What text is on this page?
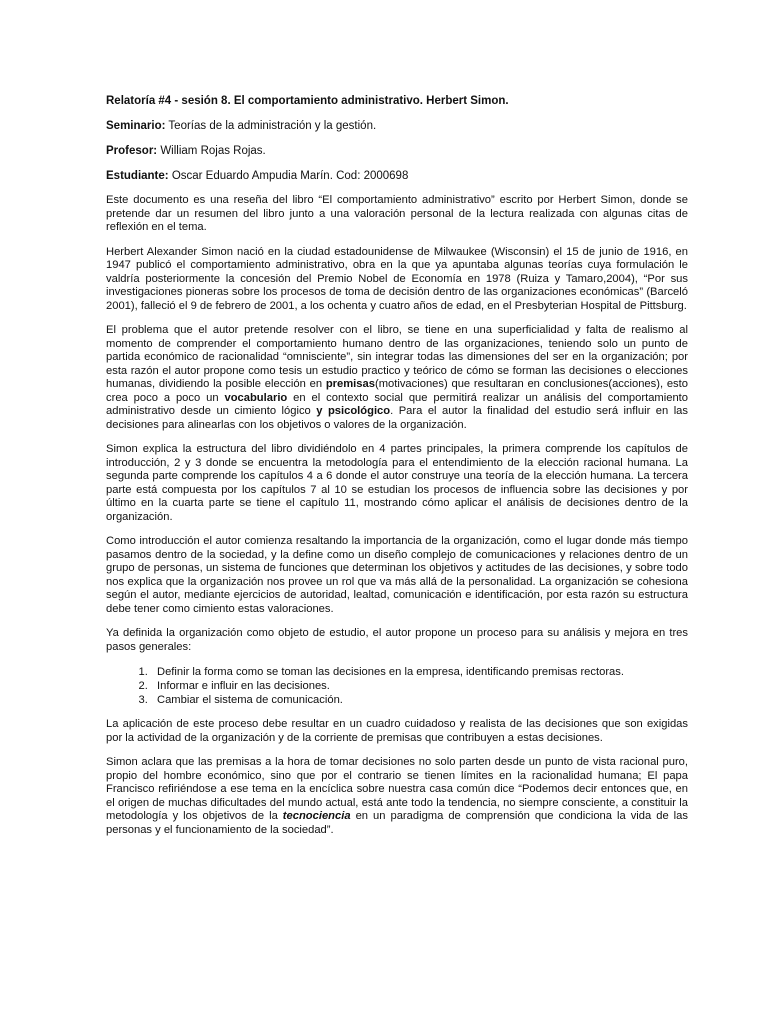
Relatoría #4 - sesión 8. El comportamiento administrativo. Herbert Simon.
Seminario: Teorías de la administración y la gestión.
Profesor: William Rojas Rojas.
Estudiante: Oscar Eduardo Ampudia Marín. Cod: 2000698

Este documento es una reseña del libro “El comportamiento administrativo” escrito por Herbert Simon, donde se pretende dar un resumen del libro junto a una valoración personal de la lectura realizada con algunas citas de reflexión en el tema.

Herbert Alexander Simon nació en la ciudad estadounidense de Milwaukee (Wisconsin) el 15 de junio de 1916, en 1947 publicó el comportamiento administrativo, obra en la que ya apuntaba algunas teorías cuya formulación le valdría posteriormente la concesión del Premio Nobel de Economía en 1978 (Ruiza y Tamaro,2004), “Por sus investigaciones pioneras sobre los procesos de toma de decisión dentro de las organizaciones económicas” (Barceló 2001), falleció el 9 de febrero de 2001, a los ochenta y cuatro años de edad, en el Presbyterian Hospital de Pittsburg.

El problema que el autor pretende resolver con el libro, se tiene en una superficialidad y falta de realismo al momento de comprender el comportamiento humano dentro de las organizaciones, teniendo solo un punto de partida económico de racionalidad “omnisciente”, sin integrar todas las dimensiones del ser en la organización; por esta razón el autor propone como tesis un estudio practico y teórico de cómo se forman las decisiones o elecciones humanas, dividiendo la posible elección en premisas(motivaciones) que resultaran en conclusiones(acciones), esto crea poco a poco un vocabulario en el contexto social que permitirá realizar un análisis del comportamiento administrativo desde un cimiento lógico y psicológico. Para el autor la finalidad del estudio será influir en las decisiones para alinearlas con los objetivos o valores de la organización.

Simon explica la estructura del libro dividiéndolo en 4 partes principales, la primera comprende los capítulos de introducción, 2 y 3 donde se encuentra la metodología para el entendimiento de la elección racional humana. La segunda parte comprende los capítulos 4 a 6 donde el autor construye una teoría de la elección humana. La tercera parte está compuesta por los capítulos 7 al 10 se estudian los procesos de influencia sobre las decisiones y por último en la cuarta parte se tiene el capítulo 11, mostrando cómo aplicar el análisis de decisiones dentro de la organización.

Como introducción el autor comienza resaltando la importancia de la organización, como el lugar donde más tiempo pasamos dentro de la sociedad, y la define como un diseño complejo de comunicaciones y relaciones dentro de un grupo de personas, un sistema de funciones que determinan los objetivos y actitudes de las decisiones, y sobre todo nos explica que la organización nos provee un rol que va más allá de la personalidad. La organización se cohesiona según el autor, mediante ejercicios de autoridad, lealtad, comunicación e identificación, por esta razón su estructura debe tener como cimiento estas valoraciones.

Ya definida la organización como objeto de estudio, el autor propone un proceso para su análisis y mejora en tres pasos generales:

1. Definir la forma como se toman las decisiones en la empresa, identificando premisas rectoras.
2. Informar e influir en las decisiones.
3. Cambiar el sistema de comunicación.

La aplicación de este proceso debe resultar en un cuadro cuidadoso y realista de las decisiones que son exigidas por la actividad de la organización y de la corriente de premisas que contribuyen a estas decisiones.

Simon aclara que las premisas a la hora de tomar decisiones no solo parten desde un punto de vista racional puro, propio del hombre económico, sino que por el contrario se tienen límites en la racionalidad humana; El papa Francisco refiriéndose a ese tema en la encíclica sobre nuestra casa común dice “Podemos decir entonces que, en el origen de muchas dificultades del mundo actual, está ante todo la tendencia, no siempre consciente, a constituir la metodología y los objetivos de la tecnociencia en un paradigma de comprensión que condiciona la vida de las personas y el funcionamiento de la sociedad”.
